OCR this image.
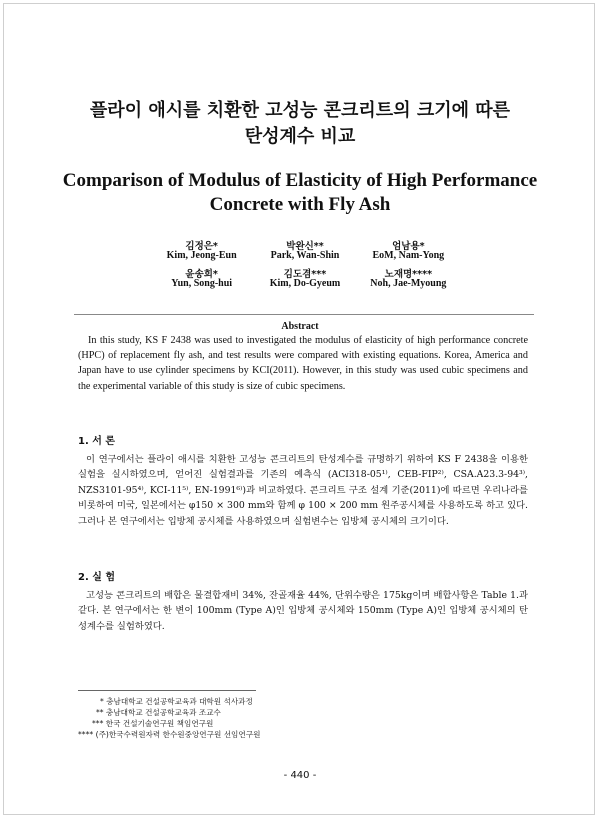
플라이 애시를 치환한 고성능 콘크리트의 크기에 따른
탄성계수 비교
Comparison of Modulus of Elasticity of High Performance
Concrete with Fly Ash
김정은*	박완신**	엄남용*
Kim, Jeong-Eun	Park, Wan-Shin	EoM, Nam-Yong
윤송희*	김도겸***	노재명****
Yun, Song-hui	Kim, Do-Gyeum	Noh, Jae-Myoung
Abstract

In this study, KS F 2438 was used to investigated the modulus of elasticity of high performance concrete (HPC) of replacement fly ash, and test results were compared with existing equations. Korea, America and Japan have to use cylinder specimens by KCI(2011). However, in this study was used cubic specimens and the experimental variable of this study is size of cubic specimens.

1. 서 론

이 연구에서는 플라이 애시를 치환한 고성능 콘크리트의 탄성계수를 규명하기 위하여 KS F 2438을 이용한 실험을 실시하였으며, 얻어진 실험결과를 기존의 예측식 (ACI318-05¹⁾, CEB-FIP²⁾, CSA.A23.3-94³⁾, NZS3101-95⁴⁾, KCI-11⁵⁾, EN-1991⁶⁾)과 비교하였다. 콘크리트 구조 설계 기준(2011)에 따르면 우리나라를 비롯하여 미국, 일본에서는 φ150 × 300 mm와 함께 φ 100 × 200 mm 원주공시체를 사용하도록 하고 있다. 그러나 본 연구에서는 입방체 공시체를 사용하였으며 실험변수는 입방체 공시체의 크기이다.

2. 실 험

고성능 콘크리트의 배합은 물결합재비 34%, 잔골재율 44%, 단위수량은 175kg이며 배합사항은 Table 1.과 같다. 본 연구에서는 한 변이 100mm (Type A)인 입방체 공시체와 150mm (Type A)인 입방체 공시체의 탄성계수를 실험하였다.

* 충남대학교 건설공학교육과 대학원 석사과정
** 충남대학교 건설공학교육과 조교수
*** 한국 건설기술연구원 책임연구원
**** (주)한국수력원자력 한수원중앙연구원 선임연구원
- 440 -
